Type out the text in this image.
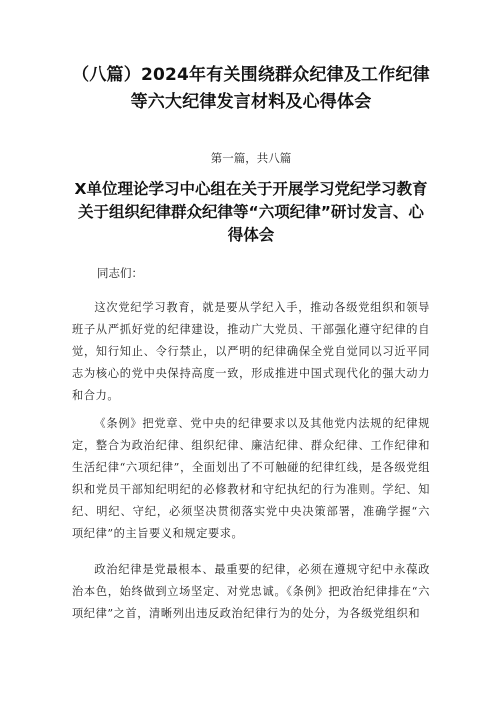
（八篇）2024年有关围绕群众纪律及工作纪律等六大纪律发言材料及心得体会
第一篇，共八篇
X单位理论学习中心组在关于开展学习党纪学习教育关于组织纪律群众纪律等“六项纪律”研讨发言、心得体会
同志们：

这次党纪学习教育，就是要从学纪入手，推动各级党组织和领导班子从严抓好党的纪律建设，推动广大党员、干部强化遵守纪律的自觉，知行知止、令行禁止，以严明的纪律确保全党自觉同以习近平同志为核心的党中央保持高度一致，形成推进中国式现代化的强大动力和合力。

《条例》把党章、党中央的纪律要求以及其他党内法规的纪律规定，整合为政治纪律、组织纪律、廉洁纪律、群众纪律、工作纪律和生活纪律“六项纪律”，全面划出了不可触碰的纪律红线，是各级党组织和党员干部知纪明纪的必修教材和守纪执纪的行为准则。学纪、知纪、明纪、守纪，必须坚决贯彻落实党中央决策部署，准确学握“六项纪律”的主旨要义和规定要求。

政治纪律是党最根本、最重要的纪律，必须在遵规守纪中永葆政治本色，始终做到立场坚定、对党忠诚。《条例》把政治纪律排在“六项纪律”之首，清晰列出违反政治纪律行为的处分，为各级党组织和
